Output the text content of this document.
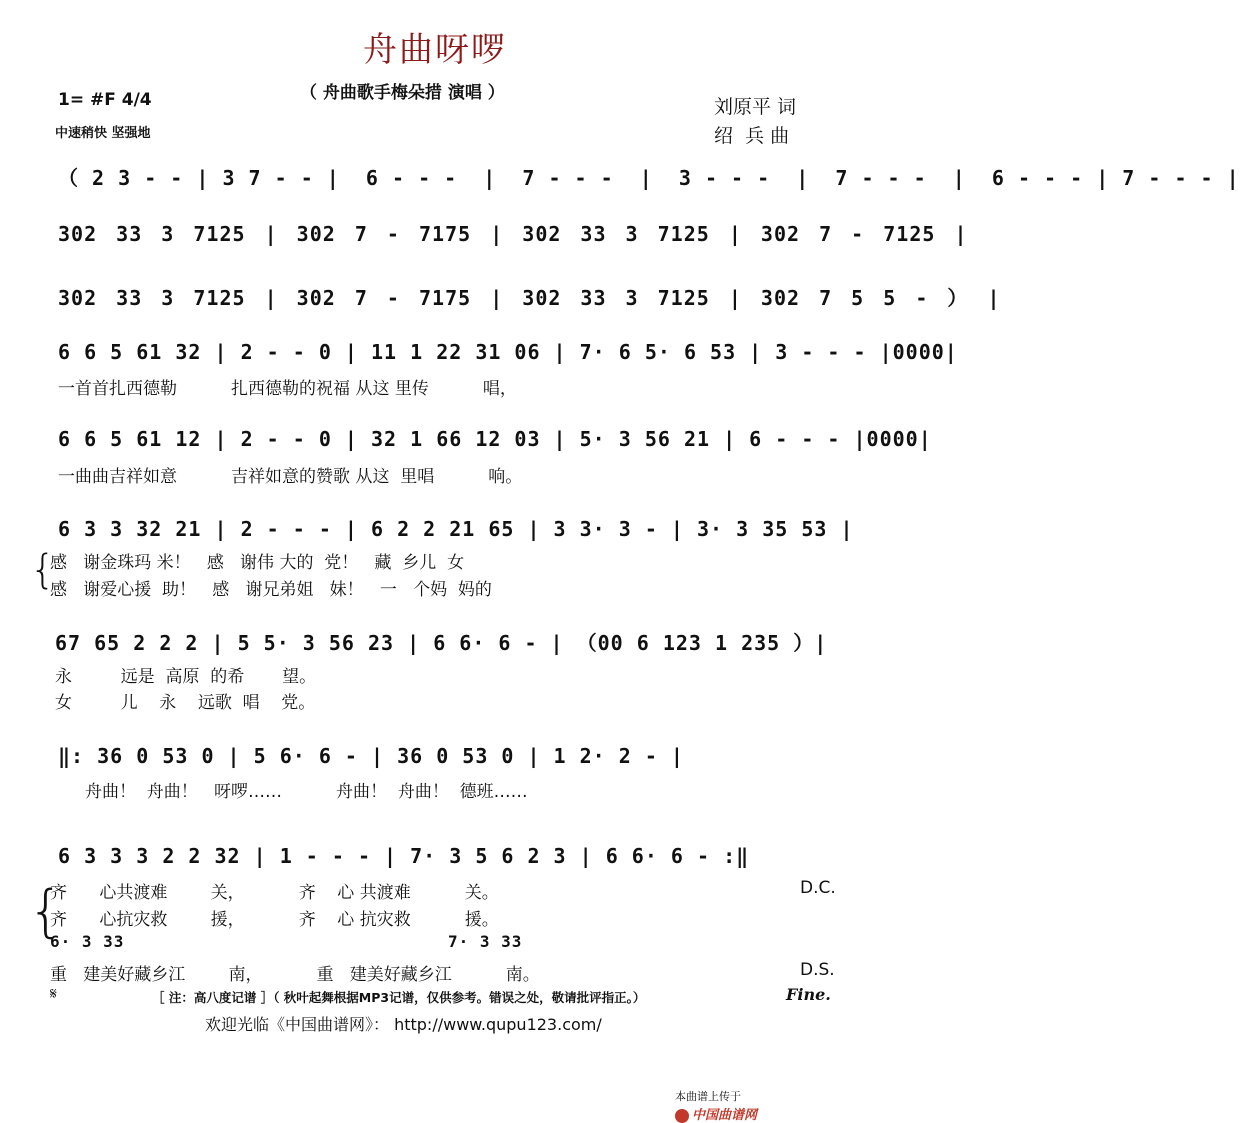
舟曲呀啰
（ 舟曲歌手梅朵措 演唱 ）
1= #F 4/4
中速稍快 坚强地
刘原平 词
绍  兵 曲
（ 2 3 - - | 3 7 - - |  6 - - -  |  7 - - -  |  3 - - -  |  7 - - -  |  6 - - - | 7 - - - |
302 33 3 7125 | 302 7 - 7175 | 302 33 3 7125 | 302 7 - 7125 |
302 33 3 7125 | 302 7 - 7175 | 302 33 3 7125 | 302 7 5 5 - ） |
6 6 5 61 32 | 2 - - 0 | 11 1 22 31 06 | 7· 6 5· 6 53 | 3 - - - |0000|
一首首扎西德勒          扎西德勒的祝福 从这 里传          唱，
6 6 5 61 12 | 2 - - 0 | 32 1 66 12 03 | 5· 3 56 21 | 6 - - - |0000|
一曲曲吉祥如意          吉祥如意的赞歌 从这  里唱          响。
6 3 3 32 21 | 2 - - - | 6 2 2 21 65 | 3 3· 3 - | 3· 3 35 53 |
{
感   谢金珠玛 米！   感   谢伟 大的  党！   藏  乡儿  女
感   谢爱心援  助！   感   谢兄弟姐   妹！   一   个妈  妈的
67 65 2 2 2 | 5 5· 3 56 23 | 6 6· 6 - | （00 6 123 1 235 ）|
永         远是  高原  的希       望。
女         儿    永    远歌  唱    党。
‖: 36 0 53 0 | 5 6· 6 - | 36 0 53 0 | 1 2· 2 - |
舟曲！  舟曲！   呀啰……          舟曲！  舟曲！  德班……
6 3 3 3 2 2 32 | 1 - - - | 7· 3 5 6 2 3 | 6 6· 6 - :‖
{
齐      心共渡难        关，          齐    心 共渡难          关。	D.C.
齐      心抗灾救        援，          齐    心 抗灾救          援。
6· 3 33	7· 3 33
重   建美好藏乡江        南，          重   建美好藏乡江          南。	D.S.
𝄋	［ 注：高八度记谱 ］（ 秋叶起舞根据MP3记谱，仅供参考。错误之处，敬请批评指正。）	Fine.
欢迎光临《中国曲谱网》： http://www.qupu123.com/

本曲谱上传于
中国曲谱网
